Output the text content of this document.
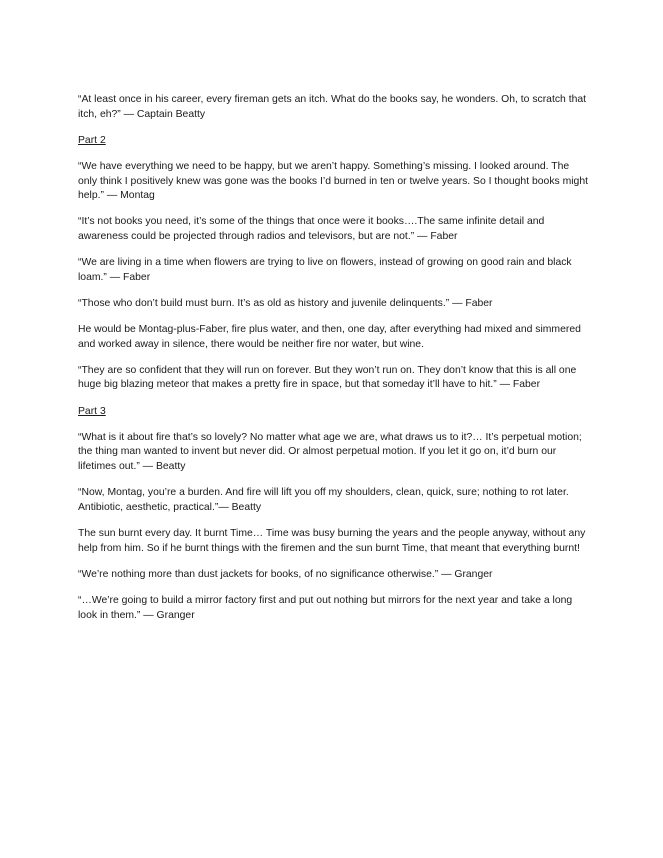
“At least once in his career, every fireman gets an itch. What do the books say, he wonders. Oh, to scratch that itch, eh?” — Captain Beatty

Part 2

“We have everything we need to be happy, but we aren’t happy. Something’s missing. I looked around. The only think I positively knew was gone was the books I’d burned in ten or twelve years. So I thought books might help.” — Montag

“It’s not books you need, it’s some of the things that once were it books….The same infinite detail and awareness could be projected through radios and televisors, but are not.” — Faber

“We are living in a time when flowers are trying to live on flowers, instead of growing on good rain and black loam.” — Faber

“Those who don’t build must burn. It’s as old as history and juvenile delinquents.” — Faber

He would be Montag-plus-Faber, fire plus water, and then, one day, after everything had mixed and simmered and worked away in silence, there would be neither fire nor water, but wine.

“They are so confident that they will run on forever. But they won’t run on. They don’t know that this is all one huge big blazing meteor that makes a pretty fire in space, but that someday it’ll have to hit.” — Faber

Part 3

“What is it about fire that’s so lovely? No matter what age we are, what draws us to it?… It’s perpetual motion; the thing man wanted to invent but never did. Or almost perpetual motion. If you let it go on, it’d burn our lifetimes out.” — Beatty

“Now, Montag, you’re a burden. And fire will lift you off my shoulders, clean, quick, sure; nothing to rot later. Antibiotic, aesthetic, practical.”— Beatty

The sun burnt every day. It burnt Time… Time was busy burning the years and the people anyway, without any help from him. So if he burnt things with the firemen and the sun burnt Time, that meant that everything burnt!

“We’re nothing more than dust jackets for books, of no significance otherwise.” — Granger

“…We’re going to build a mirror factory first and put out nothing but mirrors for the next year and take a long look in them.” — Granger
